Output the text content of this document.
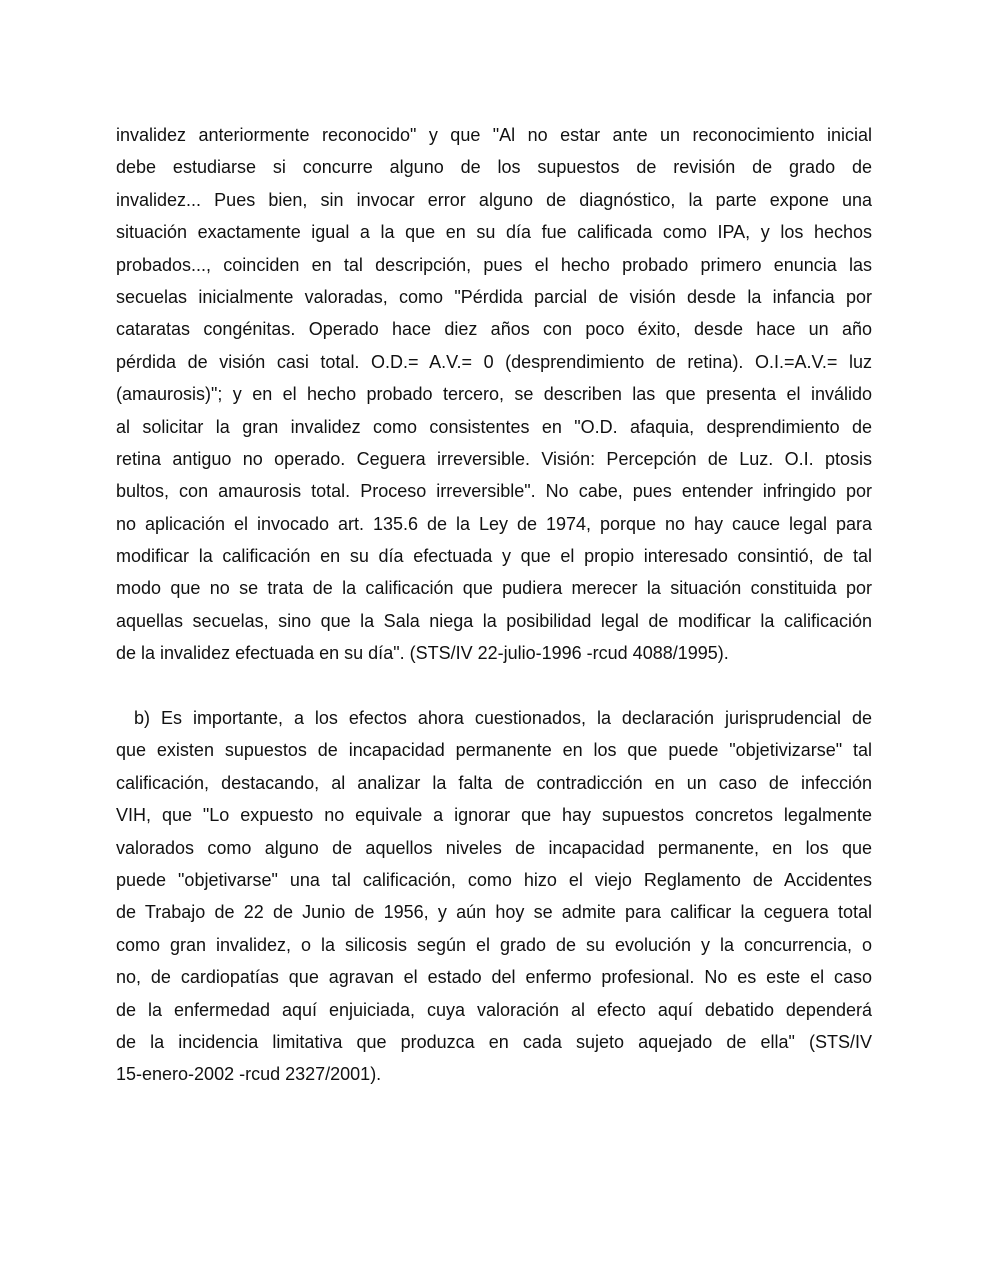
invalidez anteriormente reconocido" y que "Al no estar ante un reconocimiento inicial
debe estudiarse si concurre alguno de los supuestos de revisión de grado de
invalidez... Pues bien, sin invocar error alguno de diagnóstico, la parte expone una
situación exactamente igual a la que en su día fue calificada como IPA, y los hechos
probados..., coinciden en tal descripción, pues el hecho probado primero enuncia las
secuelas inicialmente valoradas, como "Pérdida parcial de visión desde la infancia por
cataratas congénitas. Operado hace diez años con poco éxito, desde hace un año
pérdida de visión casi total. O.D.= A.V.= 0 (desprendimiento de retina). O.I.=A.V.= luz
(amaurosis)"; y en el hecho probado tercero, se describen las que presenta el inválido
al solicitar la gran invalidez como consistentes en "O.D. afaquia, desprendimiento de
retina antiguo no operado. Ceguera irreversible. Visión: Percepción de Luz. O.I. ptosis
bultos, con amaurosis total. Proceso irreversible". No cabe, pues entender infringido por
no aplicación el invocado art. 135.6 de la Ley de 1974, porque no hay cauce legal para
modificar la calificación en su día efectuada y que el propio interesado consintió, de tal
modo que no se trata de la calificación que pudiera merecer la situación constituida por
aquellas secuelas, sino que la Sala niega la posibilidad legal de modificar la calificación
de la invalidez efectuada en su día". (STS/IV 22-julio-1996 -rcud 4088/1995).
b) Es importante, a los efectos ahora cuestionados, la declaración jurisprudencial de
que existen supuestos de incapacidad permanente en los que puede "objetivizarse" tal
calificación, destacando, al analizar la falta de contradicción en un caso de infección
VIH, que "Lo expuesto no equivale a ignorar que hay supuestos concretos legalmente
valorados como alguno de aquellos niveles de incapacidad permanente, en los que
puede "objetivarse" una tal calificación, como hizo el viejo Reglamento de Accidentes
de Trabajo de 22 de Junio de 1956, y aún hoy se admite para calificar la ceguera total
como gran invalidez, o la silicosis según el grado de su evolución y la concurrencia, o
no, de cardiopatías que agravan el estado del enfermo profesional. No es este el caso
de la enfermedad aquí enjuiciada, cuya valoración al efecto aquí debatido dependerá
de la incidencia limitativa que produzca en cada sujeto aquejado de ella" (STS/IV
15-enero-2002 -rcud 2327/2001).
